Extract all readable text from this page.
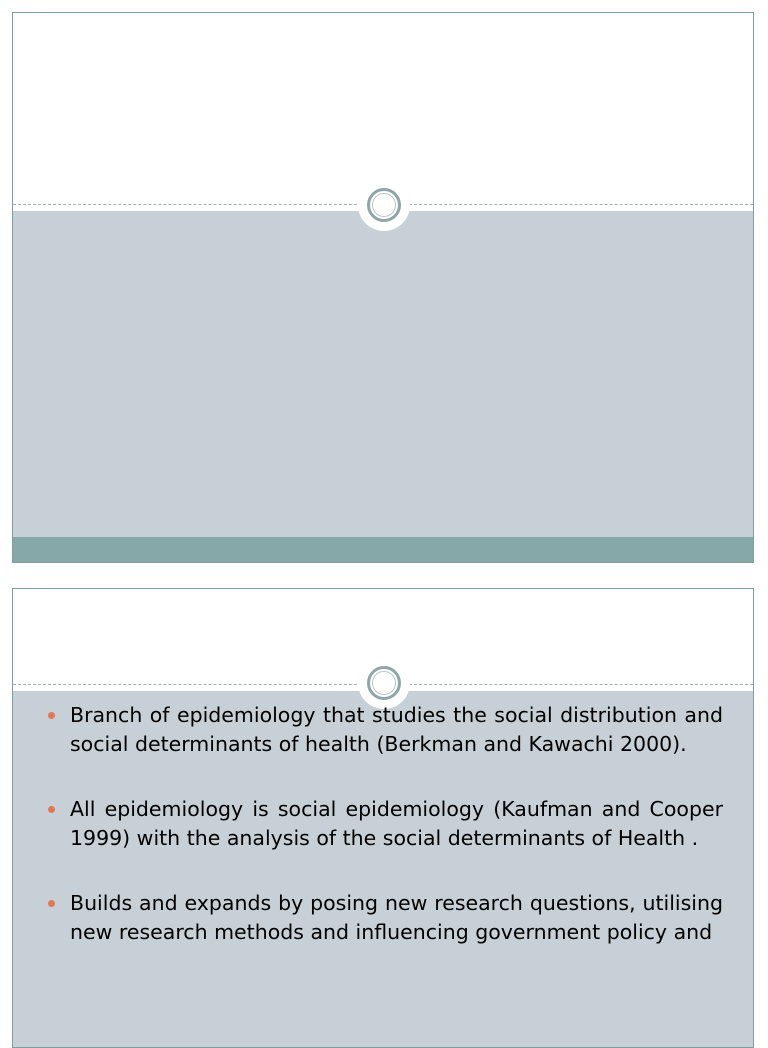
Branch of epidemiology that studies the social distribution and social determinants of health (Berkman and Kawachi 2000).
All epidemiology is social epidemiology (Kaufman and Cooper 1999) with the analysis of the social determinants of Health .
Builds and expands by posing new research questions, utilising new research methods and influencing government policy and
